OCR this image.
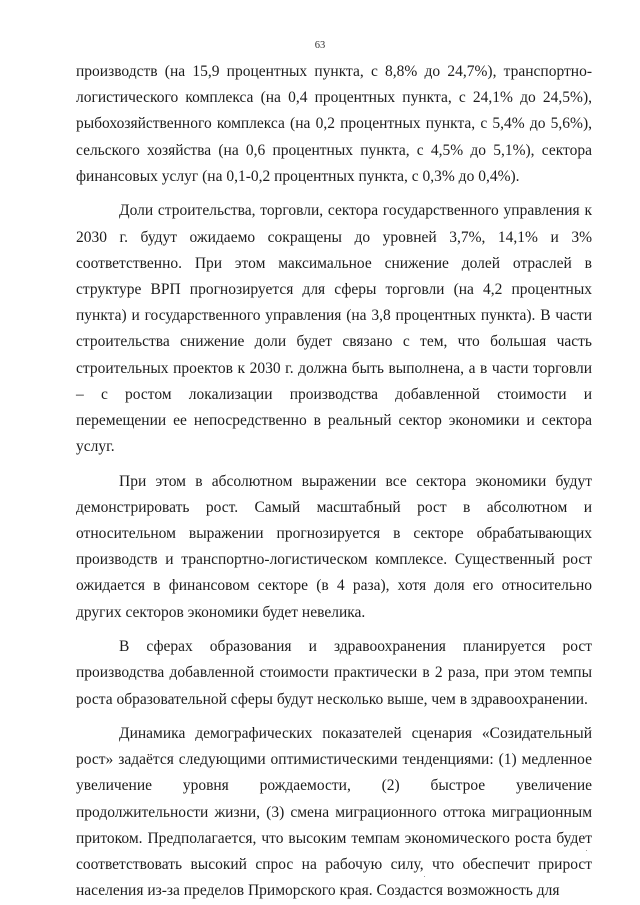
63

производств (на 15,9 процентных пункта, с 8,8% до 24,7%), транспортно-логистического комплекса (на 0,4 процентных пункта, с 24,1% до 24,5%), рыбохозяйственного комплекса (на 0,2 процентных пункта, с 5,4% до 5,6%), сельского хозяйства (на 0,6 процентных пункта, с 4,5% до 5,1%), сектора финансовых услуг (на 0,1-0,2 процентных пункта, с 0,3% до 0,4%).

Доли строительства, торговли, сектора государственного управления к 2030 г. будут ожидаемо сокращены до уровней 3,7%, 14,1% и 3% соответственно. При этом максимальное снижение долей отраслей в структуре ВРП прогнозируется для сферы торговли (на 4,2 процентных пункта) и государственного управления (на 3,8 процентных пункта). В части строительства снижение доли будет связано с тем, что большая часть строительных проектов к 2030 г. должна быть выполнена, а в части торговли – с ростом локализации производства добавленной стоимости и перемещении ее непосредственно в реальный сектор экономики и сектора услуг.

При этом в абсолютном выражении все сектора экономики будут демонстрировать рост. Самый масштабный рост в абсолютном и относительном выражении прогнозируется в секторе обрабатывающих производств и транспортно-логистическом комплексе. Существенный рост ожидается в финансовом секторе (в 4 раза), хотя доля его относительно других секторов экономики будет невелика.

В сферах образования и здравоохранения планируется рост производства добавленной стоимости практически в 2 раза, при этом темпы роста образовательной сферы будут несколько выше, чем в здравоохранении.

Динамика демографических показателей сценария «Созидательный рост» задаётся следующими оптимистическими тенденциями: (1) медленное увеличение уровня рождаемости, (2) быстрое увеличение продолжительности жизни, (3) смена миграционного оттока миграционным притоком. Предполагается, что высоким темпам экономического роста будет соответствовать высокий спрос на рабочую силу, что обеспечит прирост населения из-за пределов Приморского края. Создастся возможность для
